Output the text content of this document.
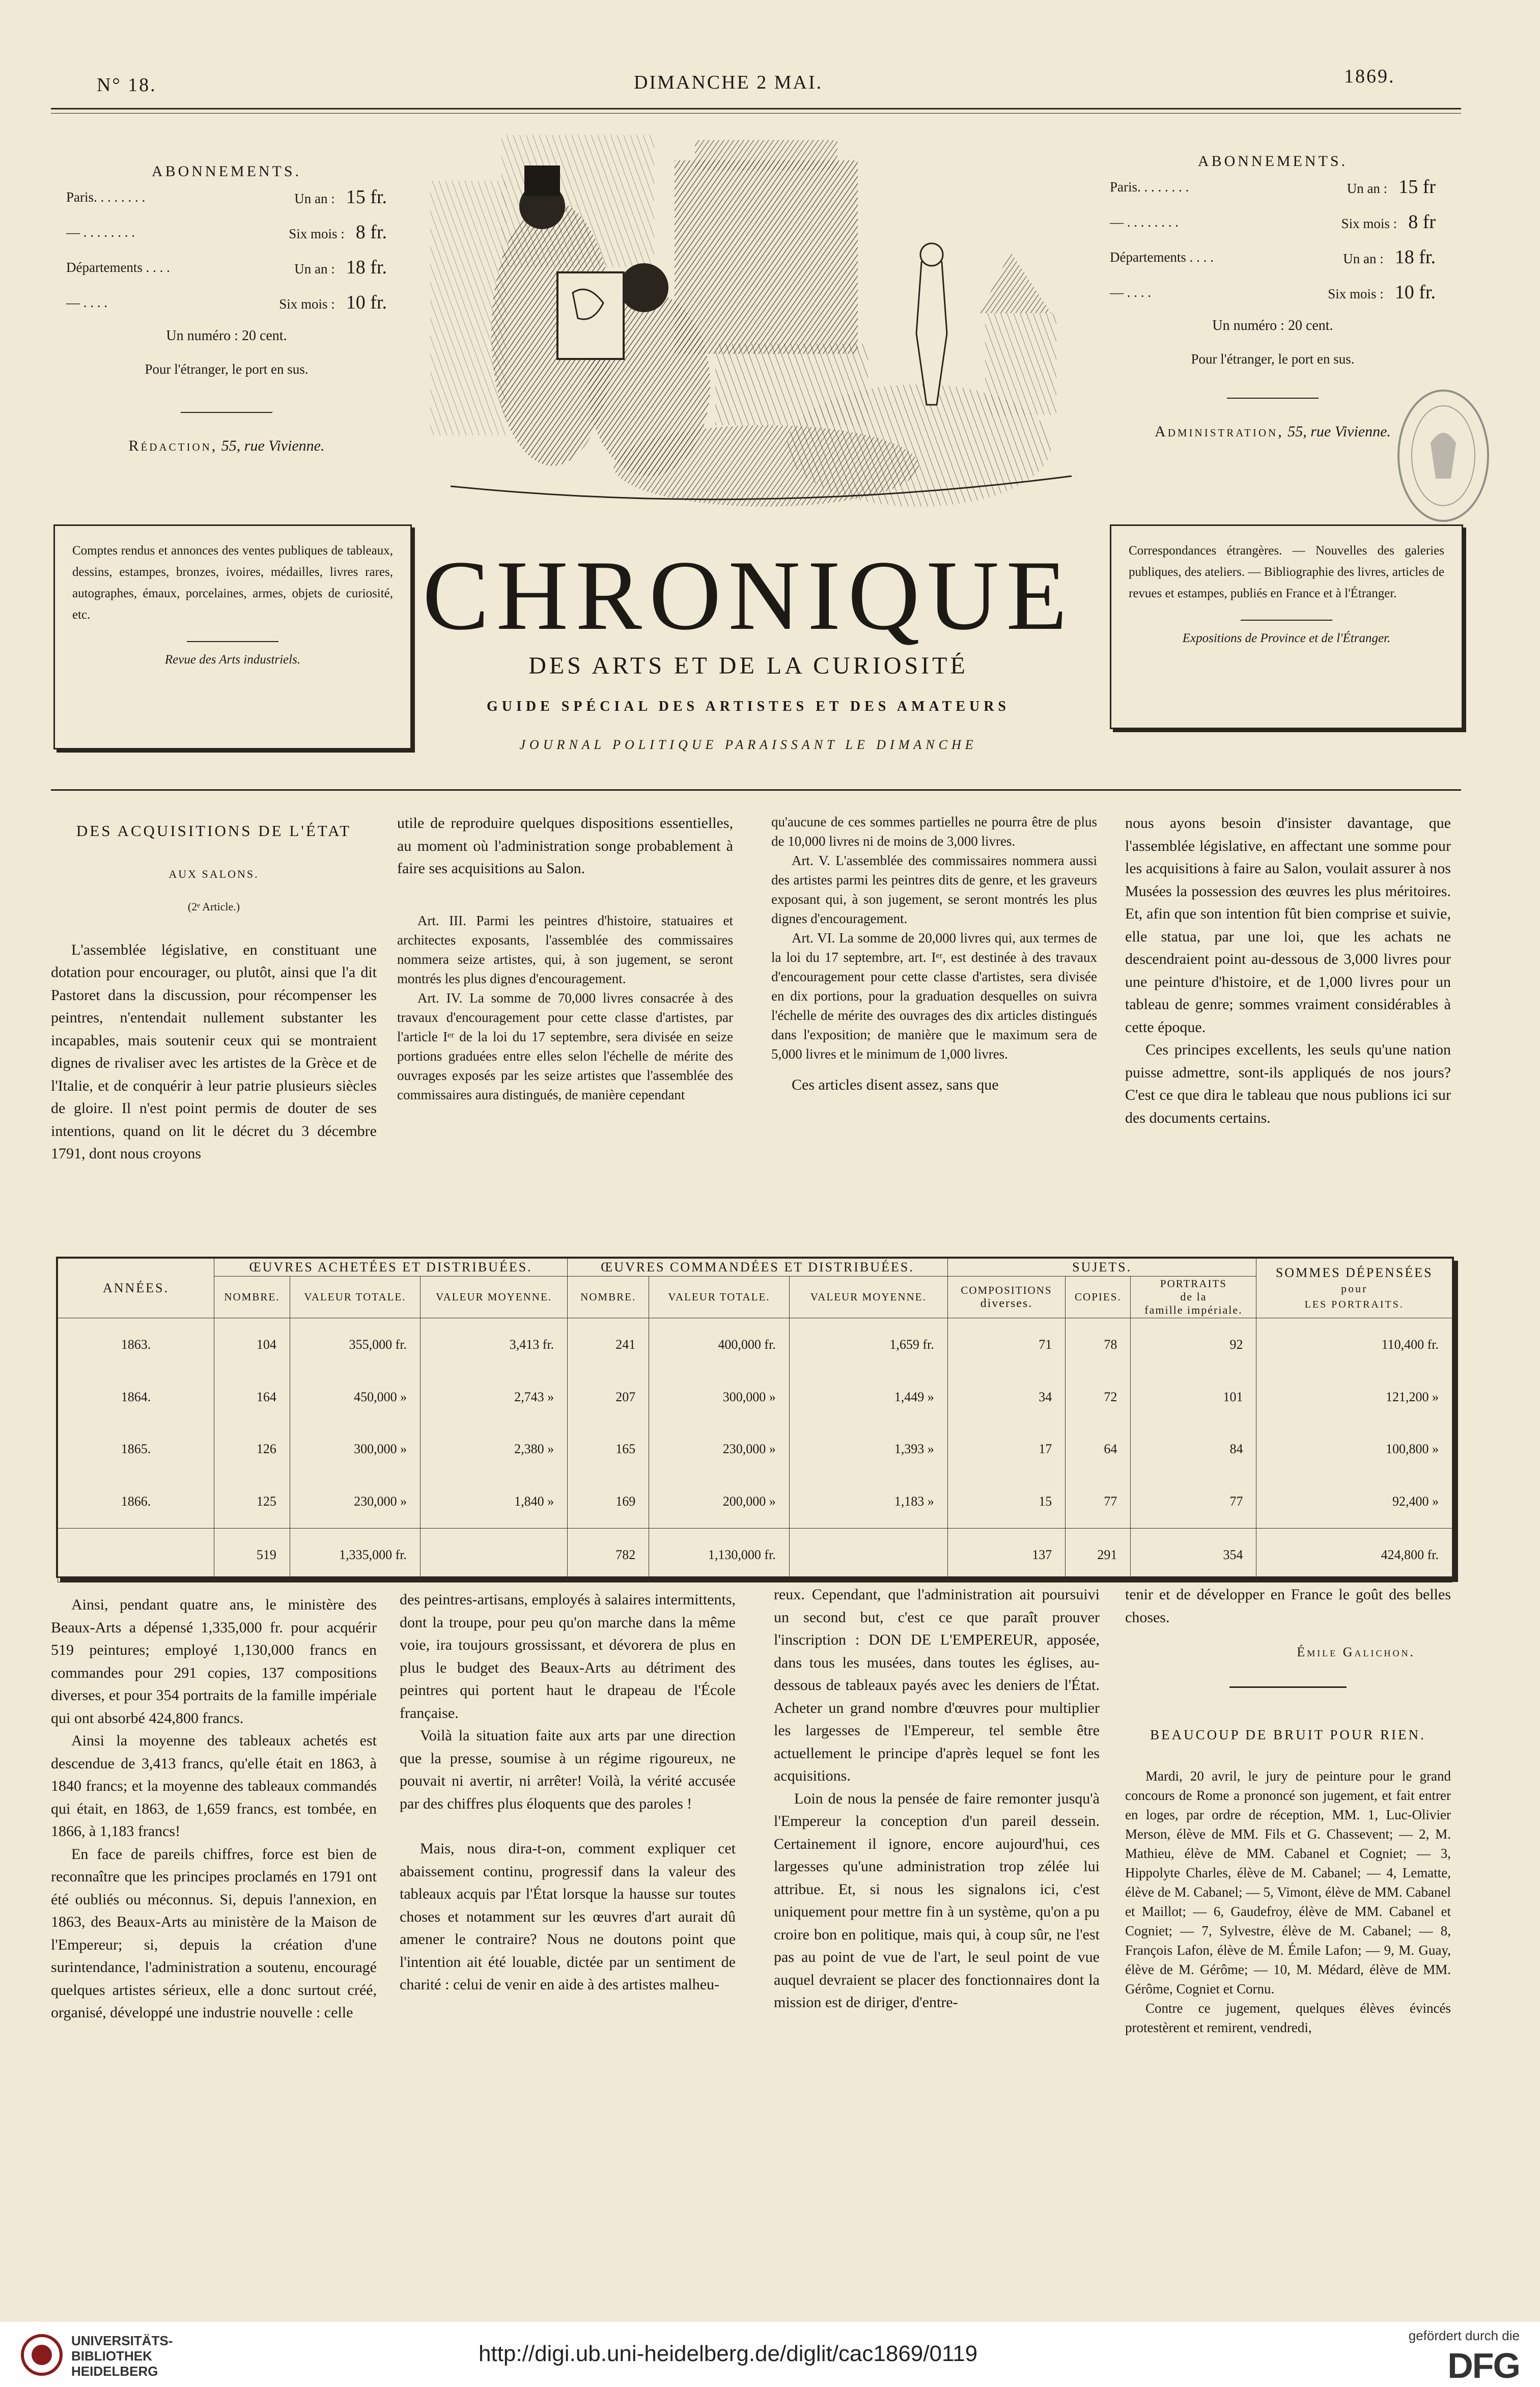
N° 18.	DIMANCHE 2 MAI.	1869.
ABONNEMENTS.
Paris. . . . . . . .	Un an : 15 fr.
— . . . . . . . .	Six mois : 8 fr.
Départements . . . .	Un an : 18 fr.
— . . . .	Six mois : 10 fr.
Un numéro : 20 cent.
Pour l'étranger, le port en sus.
Rédaction, 55, rue Vivienne.
ABONNEMENTS.
Paris. . . . . . . .	Un an : 15 fr
— . . . . . . . .	Six mois : 8 fr
Départements . . . .	Un an : 18 fr.
— . . . .	Six mois : 10 fr.
Un numéro : 20 cent.
Pour l'étranger, le port en sus.
Administration, 55, rue Vivienne.
Comptes rendus et annonces des ventes publiques de tableaux, dessins, estampes, bronzes, ivoires, médailles, livres rares, autographes, émaux, porcelaines, armes, objets de curiosité, etc.
Revue des Arts industriels.
Correspondances étrangères. — Nouvelles des galeries publiques, des ateliers. — Bibliographie des livres, articles de revues et estampes, publiés en France et à l'Étranger.
Expositions de Province et de l'Étranger.
CHRONIQUE
DES ARTS ET DE LA CURIOSITÉ
GUIDE SPÉCIAL DES ARTISTES ET DES AMATEURS
JOURNAL POLITIQUE PARAISSANT LE DIMANCHE

DES ACQUISITIONS DE L'ÉTAT

AUX SALONS.

(2ᵉ Article.)

L'assemblée législative, en constituant une dotation pour encourager, ou plutôt, ainsi que l'a dit Pastoret dans la discussion, pour récompenser les peintres, n'entendait nullement substanter les incapables, mais soutenir ceux qui se montraient dignes de rivaliser avec les artistes de la Grèce et de l'Italie, et de conquérir à leur patrie plusieurs siècles de gloire. Il n'est point permis de douter de ses intentions, quand on lit le décret du 3 décembre 1791, dont nous croyons

utile de reproduire quelques dispositions essentielles, au moment où l'administration songe probablement à faire ses acquisitions au Salon.

Art. III. Parmi les peintres d'histoire, statuaires et architectes exposants, l'assemblée des commissaires nommera seize artistes, qui, à son jugement, se seront montrés les plus dignes d'encouragement.

Art. IV. La somme de 70,000 livres consacrée à des travaux d'encouragement pour cette classe d'artistes, par l'article Iᵉʳ de la loi du 17 septembre, sera divisée en seize portions graduées entre elles selon l'échelle de mérite des ouvrages exposés par les seize artistes que l'assemblée des commissaires aura distingués, de manière cependant

qu'aucune de ces sommes partielles ne pourra être de plus de 10,000 livres ni de moins de 3,000 livres.

Art. V. L'assemblée des commissaires nommera aussi des artistes parmi les peintres dits de genre, et les graveurs exposant qui, à son jugement, se seront montrés les plus dignes d'encouragement.

Art. VI. La somme de 20,000 livres qui, aux termes de la loi du 17 septembre, art. Iᵉʳ, est destinée à des travaux d'encouragement pour cette classe d'artistes, sera divisée en dix portions, pour la graduation desquelles on suivra l'échelle de mérite des ouvrages des dix articles distingués dans l'exposition; de manière que le maximum sera de 5,000 livres et le minimum de 1,000 livres.

Ces articles disent assez, sans que

nous ayons besoin d'insister davantage, que l'assemblée législative, en affectant une somme pour les acquisitions à faire au Salon, voulait assurer à nos Musées la possession des œuvres les plus méritoires. Et, afin que son intention fût bien comprise et suivie, elle statua, par une loi, que les achats ne descendraient point au-dessous de 3,000 livres pour une peinture d'histoire, et de 1,000 livres pour un tableau de genre; sommes vraiment considérables à cette époque.

Ces principes excellents, les seuls qu'une nation puisse admettre, sont-ils appliqués de nos jours? C'est ce que dira le tableau que nous publions ici sur des documents certains.

ANNÉES.	ŒUVRES ACHETÉES ET DISTRIBUÉES.			ŒUVRES COMMANDÉES ET DISTRIBUÉES.			SUJETS.			SOMMES DÉPENSÉES
pour
LES PORTRAITS.
	NOMBRE.	VALEUR TOTALE.	VALEUR MOYENNE.	NOMBRE.	VALEUR TOTALE.	VALEUR MOYENNE.	COMPOSITIONS
diverses.	COPIES.	PORTRAITS
de la
famille impériale.	

1863.	104	355,000 fr.	3,413 fr.	241	400,000 fr.	1,659 fr.	71	78	92	110,400 fr.
1864.	164	450,000 »	2,743 »	207	300,000 »	1,449 »	34	72	101	121,200 »
1865.	126	300,000 »	2,380 »	165	230,000 »	1,393 »	17	64	84	100,800 »
1866.	125	230,000 »	1,840 »	169	200,000 »	1,183 »	15	77	77	92,400 »
	519	1,335,000 fr.		782	1,130,000 fr.		137	291	354	424,800 fr.

Ainsi, pendant quatre ans, le ministère des Beaux-Arts a dépensé 1,335,000 fr. pour acquérir 519 peintures; employé 1,130,000 francs en commandes pour 291 copies, 137 compositions diverses, et pour 354 portraits de la famille impériale qui ont absorbé 424,800 francs.

Ainsi la moyenne des tableaux achetés est descendue de 3,413 francs, qu'elle était en 1863, à 1840 francs; et la moyenne des tableaux commandés qui était, en 1863, de 1,659 francs, est tombée, en 1866, à 1,183 francs!

En face de pareils chiffres, force est bien de reconnaître que les principes proclamés en 1791 ont été oubliés ou méconnus. Si, depuis l'annexion, en 1863, des Beaux-Arts au ministère de la Maison de l'Empereur; si, depuis la création d'une surintendance, l'administration a soutenu, encouragé quelques artistes sérieux, elle a donc surtout créé, organisé, développé une industrie nouvelle : celle

des peintres-artisans, employés à salaires intermittents, dont la troupe, pour peu qu'on marche dans la même voie, ira toujours grossissant, et dévorera de plus en plus le budget des Beaux-Arts au détriment des peintres qui portent haut le drapeau de l'École française.

Voilà la situation faite aux arts par une direction que la presse, soumise à un régime rigoureux, ne pouvait ni avertir, ni arrêter! Voilà, la vérité accusée par des chiffres plus éloquents que des paroles !

Mais, nous dira-t-on, comment expliquer cet abaissement continu, progressif dans la valeur des tableaux acquis par l'État lorsque la hausse sur toutes choses et notamment sur les œuvres d'art aurait dû amener le contraire? Nous ne doutons point que l'intention ait été louable, dictée par un sentiment de charité : celui de venir en aide à des artistes malheu-

reux. Cependant, que l'administration ait poursuivi un second but, c'est ce que paraît prouver l'inscription : DON DE L'EMPEREUR, apposée, dans tous les musées, dans toutes les églises, au-dessous de tableaux payés avec les deniers de l'État. Acheter un grand nombre d'œuvres pour multiplier les largesses de l'Empereur, tel semble être actuellement le principe d'après lequel se font les acquisitions.

Loin de nous la pensée de faire remonter jusqu'à l'Empereur la conception d'un pareil dessein. Certainement il ignore, encore aujourd'hui, ces largesses qu'une administration trop zélée lui attribue. Et, si nous les signalons ici, c'est uniquement pour mettre fin à un système, qu'on a pu croire bon en politique, mais qui, à coup sûr, ne l'est pas au point de vue de l'art, le seul point de vue auquel devraient se placer des fonctionnaires dont la mission est de diriger, d'entre-

tenir et de développer en France le goût des belles choses.

Émile Galichon.

BEAUCOUP DE BRUIT POUR RIEN.

Mardi, 20 avril, le jury de peinture pour le grand concours de Rome a prononcé son jugement, et fait entrer en loges, par ordre de réception, MM. 1, Luc-Olivier Merson, élève de MM. Fils et G. Chassevent; — 2, M. Mathieu, élève de MM. Cabanel et Cogniet; — 3, Hippolyte Charles, élève de M. Cabanel; — 4, Lematte, élève de M. Cabanel; — 5, Vimont, élève de MM. Cabanel et Maillot; — 6, Gaudefroy, élève de MM. Cabanel et Cogniet; — 7, Sylvestre, élève de M. Cabanel; — 8, François Lafon, élève de M. Émile Lafon; — 9, M. Guay, élève de M. Gérôme; — 10, M. Médard, élève de MM. Gérôme, Cogniet et Cornu.

Contre ce jugement, quelques élèves évincés protestèrent et remirent, vendredi,

UNIVERSITÄTS-
BIBLIOTHEK
HEIDELBERG
http://digi.ub.uni-heidelberg.de/diglit/cac1869/0119
gefördert durch die
DFG
